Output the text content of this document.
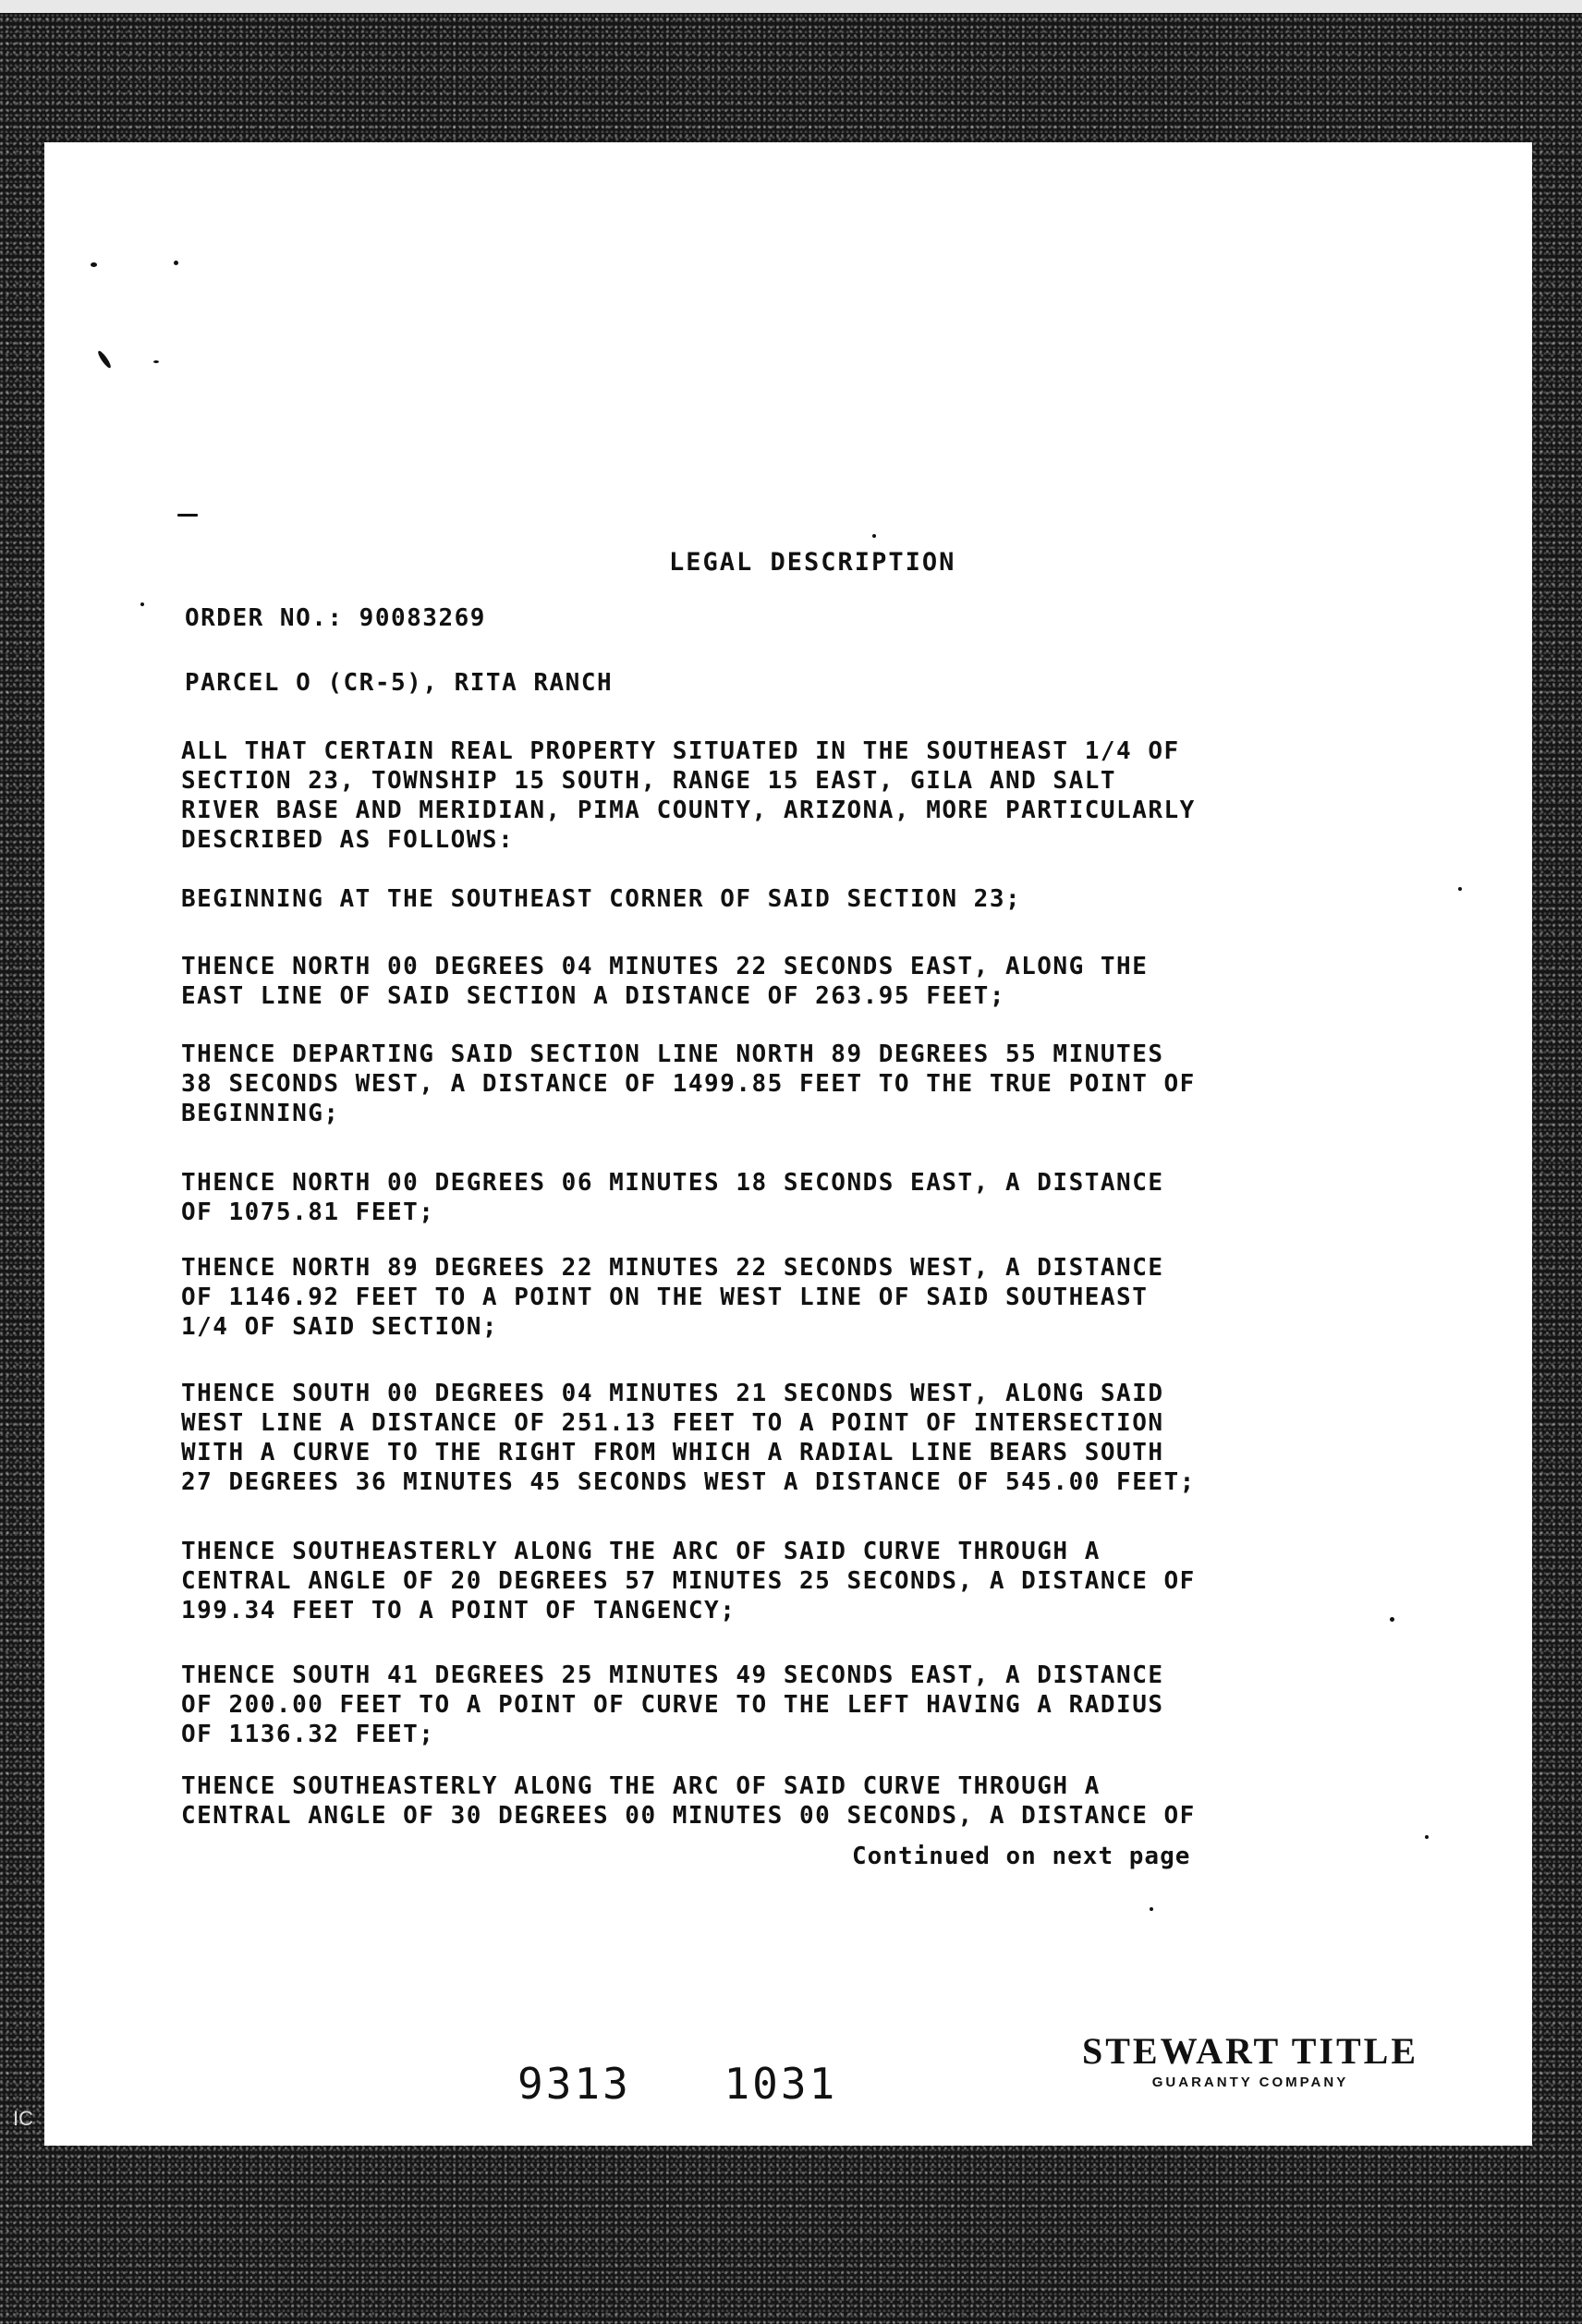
LEGAL DESCRIPTION
ORDER NO.: 90083269
PARCEL O (CR-5), RITA RANCH
ALL THAT CERTAIN REAL PROPERTY SITUATED IN THE SOUTHEAST 1/4 OF
SECTION 23, TOWNSHIP 15 SOUTH, RANGE 15 EAST, GILA AND SALT
RIVER BASE AND MERIDIAN, PIMA COUNTY, ARIZONA, MORE PARTICULARLY
DESCRIBED AS FOLLOWS:
BEGINNING AT THE SOUTHEAST CORNER OF SAID SECTION 23;
THENCE NORTH 00 DEGREES 04 MINUTES 22 SECONDS EAST, ALONG THE
EAST LINE OF SAID SECTION A DISTANCE OF 263.95 FEET;
THENCE DEPARTING SAID SECTION LINE NORTH 89 DEGREES 55 MINUTES
38 SECONDS WEST, A DISTANCE OF 1499.85 FEET TO THE TRUE POINT OF
BEGINNING;
THENCE NORTH 00 DEGREES 06 MINUTES 18 SECONDS EAST, A DISTANCE
OF 1075.81 FEET;
THENCE NORTH 89 DEGREES 22 MINUTES 22 SECONDS WEST, A DISTANCE
OF 1146.92 FEET TO A POINT ON THE WEST LINE OF SAID SOUTHEAST
1/4 OF SAID SECTION;
THENCE SOUTH 00 DEGREES 04 MINUTES 21 SECONDS WEST, ALONG SAID
WEST LINE A DISTANCE OF 251.13 FEET TO A POINT OF INTERSECTION
WITH A CURVE TO THE RIGHT FROM WHICH A RADIAL LINE BEARS SOUTH
27 DEGREES 36 MINUTES 45 SECONDS WEST A DISTANCE OF 545.00 FEET;
THENCE SOUTHEASTERLY ALONG THE ARC OF SAID CURVE THROUGH A
CENTRAL ANGLE OF 20 DEGREES 57 MINUTES 25 SECONDS, A DISTANCE OF
199.34 FEET TO A POINT OF TANGENCY;
THENCE SOUTH 41 DEGREES 25 MINUTES 49 SECONDS EAST, A DISTANCE
OF 200.00 FEET TO A POINT OF CURVE TO THE LEFT HAVING A RADIUS
OF 1136.32 FEET;
THENCE SOUTHEASTERLY ALONG THE ARC OF SAID CURVE THROUGH A
CENTRAL ANGLE OF 30 DEGREES 00 MINUTES 00 SECONDS, A DISTANCE OF
Continued on next page
9313 1031
STEWART TITLE
GUARANTY COMPANY
IC
